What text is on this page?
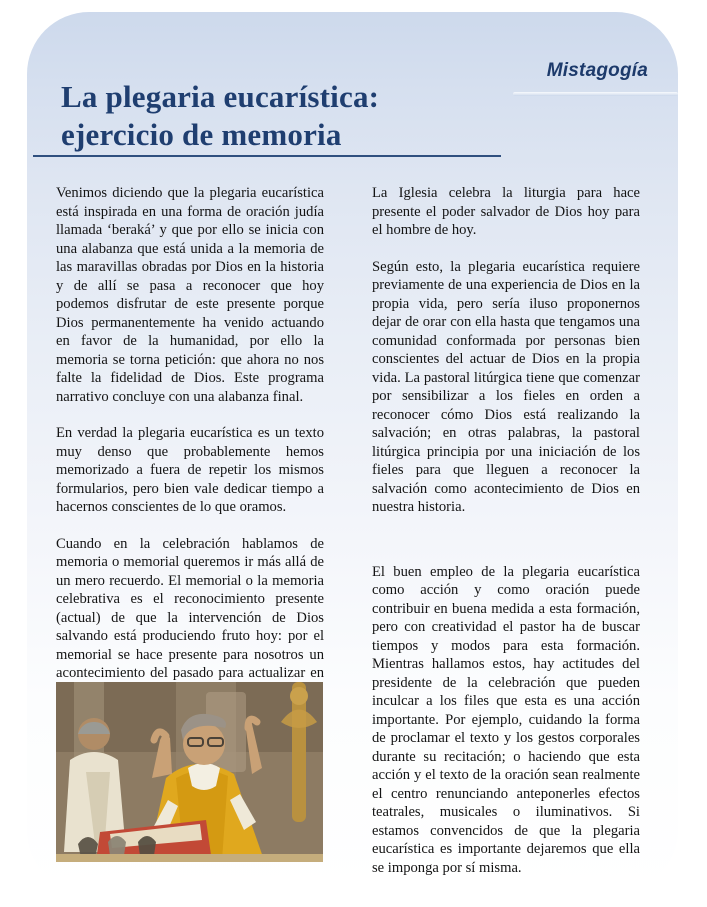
Mistagogía
La plegaria eucarística:
ejercicio de memoria

Venimos diciendo que la plegaria eucarística está inspirada en una forma de oración judía llamada ‘beraká’ y que por ello se inicia con una alabanza que está unida a la memoria de las maravillas obradas por Dios en la historia y de allí se pasa a reconocer que hoy podemos disfrutar de este presente porque Dios permanentemente ha venido actuando en favor de la humanidad, por ello la memoria se torna petición: que ahora no nos falte la fidelidad de Dios. Este programa narrativo concluye con una alabanza final.

En verdad la plegaria eucarística es un texto muy denso que probablemente hemos memorizado a fuera de repetir los mismos formularios, pero bien vale dedicar tiempo a hacernos conscientes de lo que oramos.

Cuando en la celebración hablamos de memoria o memorial queremos ir más allá de un mero recuerdo. El memorial o la memoria celebrativa es el reconocimiento presente (actual) de que la intervención de Dios salvando está produciendo fruto hoy: por el memorial se hace presente para nosotros un acontecimiento del pasado para actualizar en

La Iglesia celebra la liturgia para hace presente el poder salvador de Dios hoy para el hombre de hoy.

Según esto, la plegaria eucarística requiere previamente de una experiencia de Dios en la propia vida, pero sería iluso proponernos dejar de orar con ella hasta que tengamos una comunidad conformada por personas bien conscientes del actuar de Dios en la propia vida. La pastoral litúrgica tiene que comenzar por sensibilizar a los fieles en orden a reconocer cómo Dios está realizando la salvación; en otras palabras, la pastoral litúrgica principia por una iniciación de los fieles para que lleguen a reconocer la salvación como acontecimiento de Dios en nuestra historia.

El buen empleo de la plegaria eucarística como acción y como oración puede contribuir en buena medida a esta formación, pero con creatividad el pastor ha de buscar tiempos y modos para esta formación. Mientras hallamos estos, hay actitudes del presidente de la celebración que pueden inculcar a los files que esta es una acción importante. Por ejemplo, cuidando la forma de proclamar el texto y los gestos corporales durante su recitación; o haciendo que esta acción y el texto de la oración sean realmente el centro renunciando anteponerles efectos teatrales, musicales o iluminativos. Si estamos convencidos de que la plegaria eucarística es importante dejaremos que ella se imponga por sí misma.
